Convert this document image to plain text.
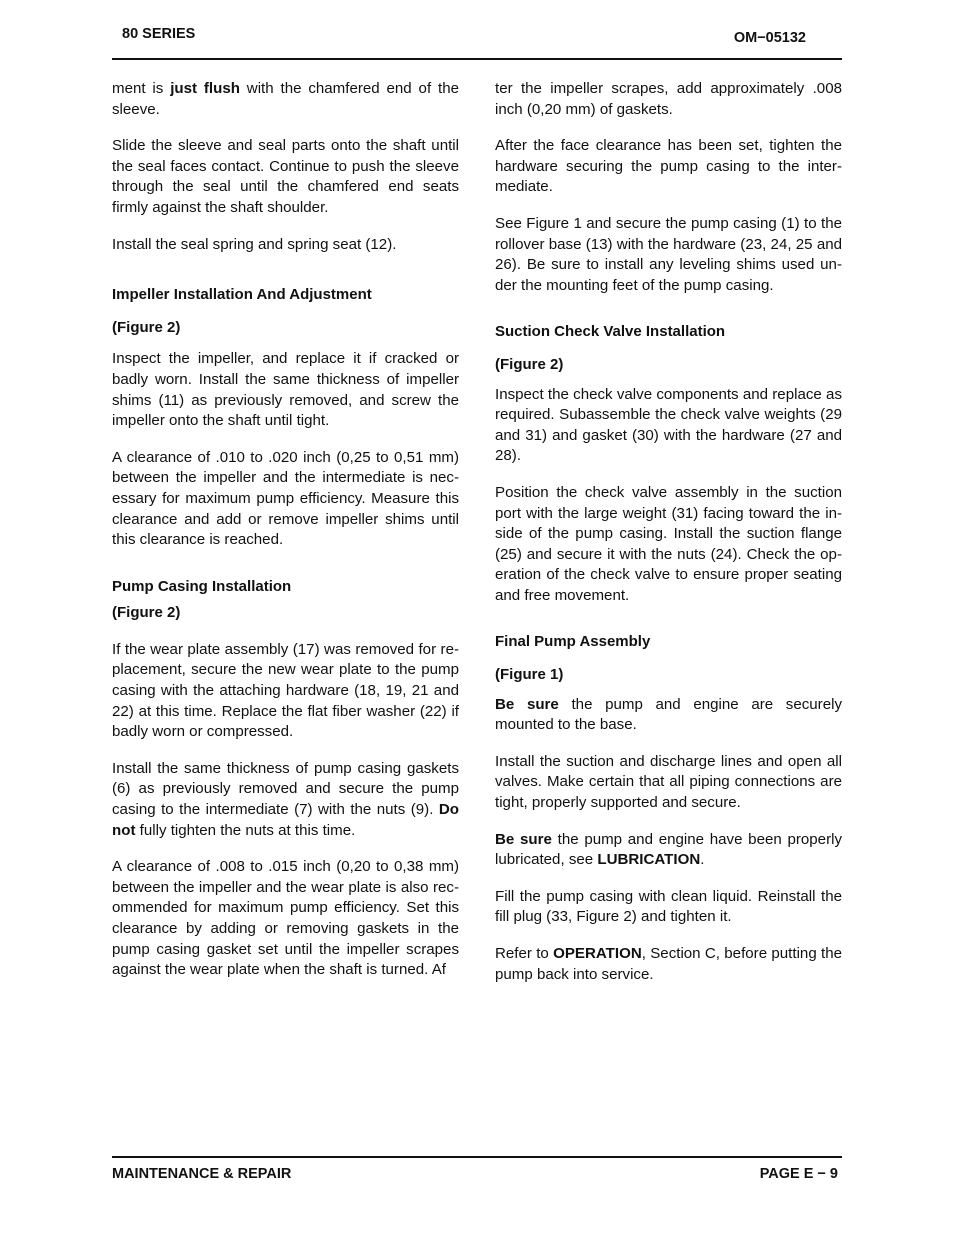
80 SERIES	OM−05132

ment is just flush with the chamfered end of the sleeve.

Slide the sleeve and seal parts onto the shaft until the seal faces contact. Continue to push the sleeve through the seal until the chamfered end seats firmly against the shaft shoulder.

Install the seal spring and spring seat (12).

Impeller Installation And Adjustment
(Figure 2)

Inspect the impeller, and replace it if cracked or badly worn. Install the same thickness of impeller shims (11) as previously removed, and screw the impeller onto the shaft until tight.

A clearance of .010 to .020 inch (0,25 to 0,51 mm) between the impeller and the intermediate is necessary for maximum pump efficiency. Measure this clearance and add or remove impeller shims until this clearance is reached.

Pump Casing Installation
(Figure 2)

If the wear plate assembly (17) was removed for replacement, secure the new wear plate to the pump casing with the attaching hardware (18, 19, 21 and 22) at this time. Replace the flat fiber washer (22) if badly worn or compressed.

Install the same thickness of pump casing gaskets (6) as previously removed and secure the pump casing to the intermediate (7) with the nuts (9). Do not fully tighten the nuts at this time.

A clearance of .008 to .015 inch (0,20 to 0,38 mm) between the impeller and the wear plate is also recommended for maximum pump efficiency. Set this clearance by adding or removing gaskets in the pump casing gasket set until the impeller scrapes against the wear plate when the shaft is turned. Af

ter the impeller scrapes, add approximately .008 inch (0,20 mm) of gaskets.

After the face clearance has been set, tighten the hardware securing the pump casing to the intermediate.

See Figure 1 and secure the pump casing (1) to the rollover base (13) with the hardware (23, 24, 25 and 26). Be sure to install any leveling shims used under the mounting feet of the pump casing.

Suction Check Valve Installation
(Figure 2)

Inspect the check valve components and replace as required. Subassemble the check valve weights (29 and 31) and gasket (30) with the hardware (27 and 28).

Position the check valve assembly in the suction port with the large weight (31) facing toward the inside of the pump casing. Install the suction flange (25) and secure it with the nuts (24). Check the operation of the check valve to ensure proper seating and free movement.

Final Pump Assembly
(Figure 1)

Be sure the pump and engine are securely mounted to the base.

Install the suction and discharge lines and open all valves. Make certain that all piping connections are tight, properly supported and secure.

Be sure the pump and engine have been properly lubricated, see LUBRICATION.

Fill the pump casing with clean liquid. Reinstall the fill plug (33, Figure 2) and tighten it.

Refer to OPERATION, Section C, before putting the pump back into service.

MAINTENANCE & REPAIR	PAGE E − 9
